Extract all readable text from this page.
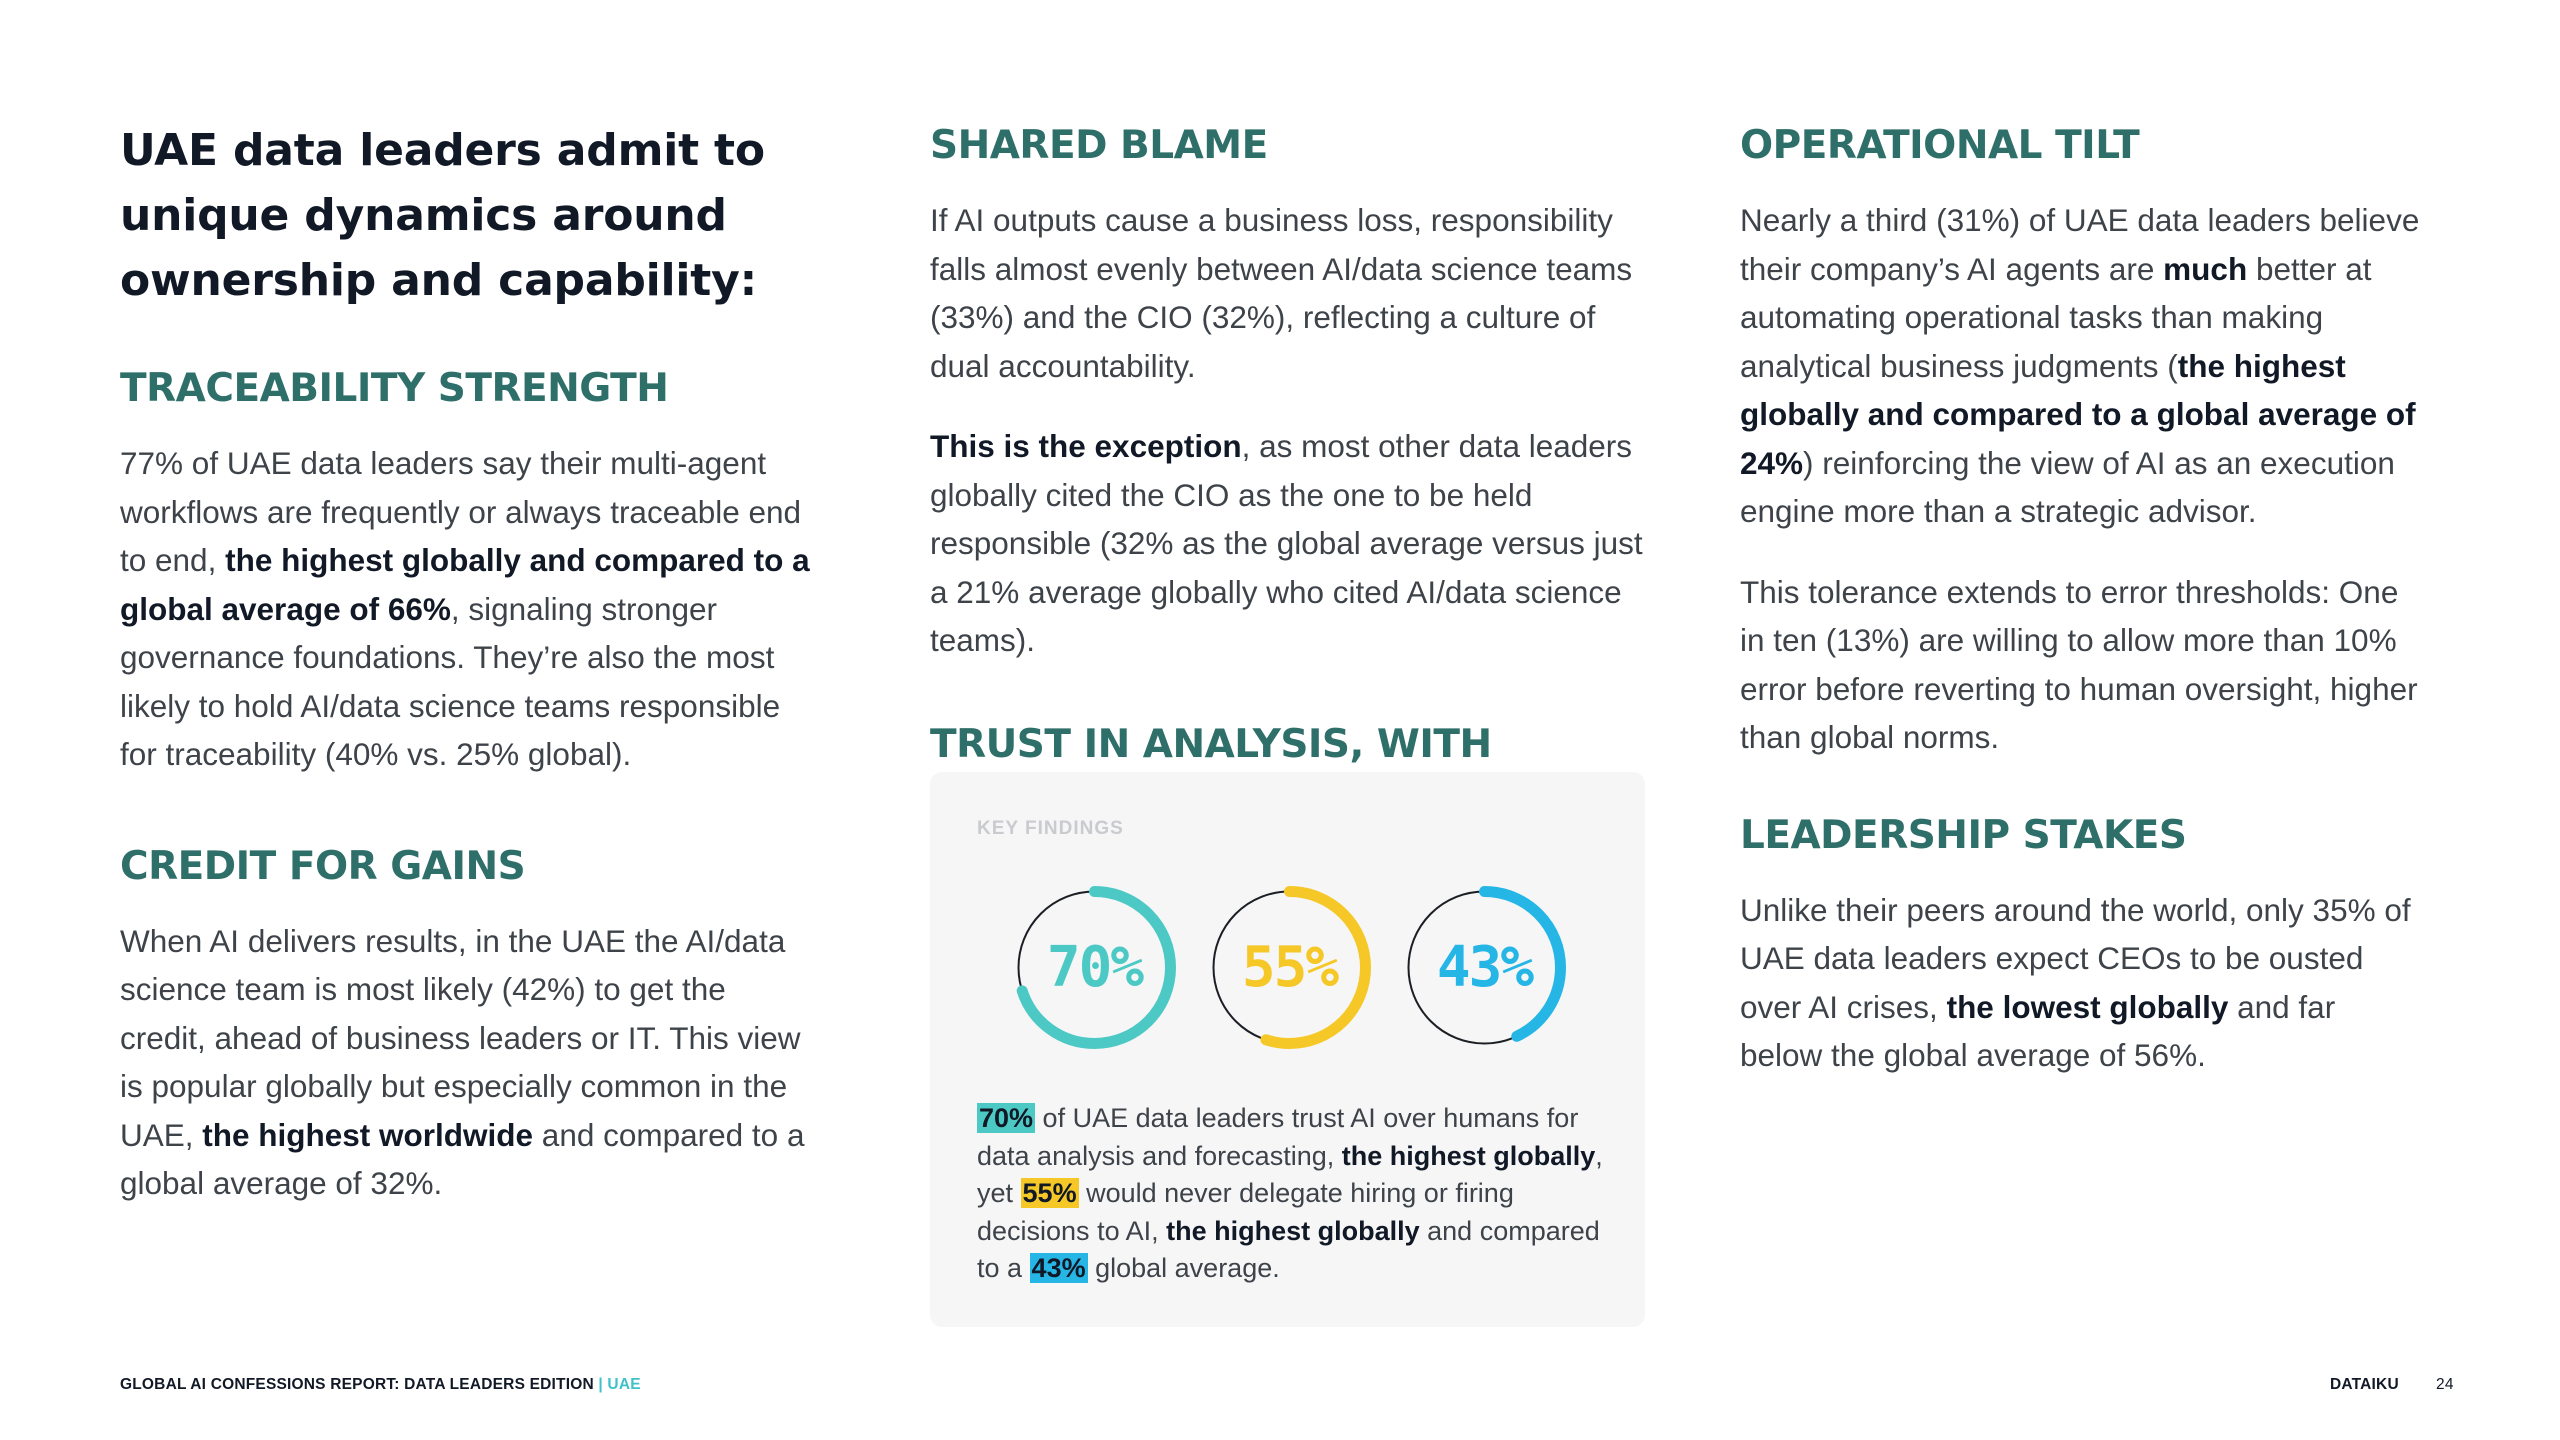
UAE data leaders admit to
unique dynamics around
ownership and capability:
TRACEABILITY STRENGTH

77% of UAE data leaders say their multi-agent workflows are frequently or always traceable end to end, the highest globally and compared to a global average of 66%, signaling stronger governance foundations. They’re also the most likely to hold AI/data science teams responsible for traceability (40% vs. 25% global).

CREDIT FOR GAINS

When AI delivers results, in the UAE the AI/data science team is most likely (42%) to get the credit, ahead of business leaders or IT. This view is popular globally but especially common in the UAE, the highest worldwide and compared to a global average of 32%.

SHARED BLAME

If AI outputs cause a business loss, responsibility falls almost evenly between AI/data science teams (33%) and the CIO (32%), reflecting a culture of dual accountability.

This is the exception, as most other data leaders globally cited the CIO as the one to be held responsible (32% as the global average versus just a 21% average globally who cited AI/data science teams).

TRUST IN ANALYSIS, WITH
KEY FINDINGS
70%	55%	43%

70% of UAE data leaders trust AI over humans for data analysis and forecasting, the highest globally, yet 55% would never delegate hiring or firing decisions to AI, the highest globally and compared to a 43% global average.

OPERATIONAL TILT

Nearly a third (31%) of UAE data leaders believe their company’s AI agents are much better at automating operational tasks than making analytical business judgments (the highest globally and compared to a global average of 24%) reinforcing the view of AI as an execution engine more than a strategic advisor.

This tolerance extends to error thresholds: One in ten (13%) are willing to allow more than 10% error before reverting to human oversight, higher than global norms.

LEADERSHIP STAKES

Unlike their peers around the world, only 35% of UAE data leaders expect CEOs to be ousted over AI crises, the lowest globally and far below the global average of 56%.

GLOBAL AI CONFESSIONS REPORT: DATA LEADERS EDITION | UAE	DATAIKU 24
